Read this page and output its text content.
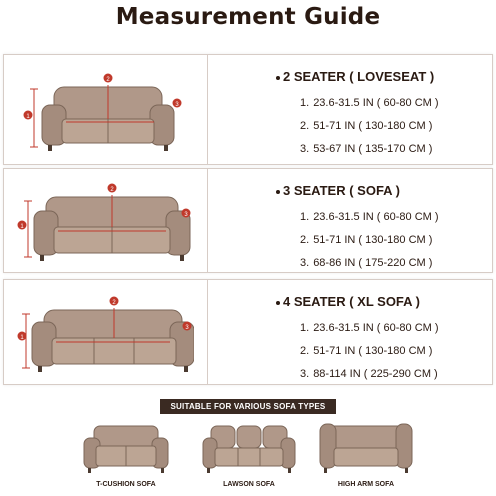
Measurement Guide
1
2
3
2 SEATER ( LOVESEAT )
1. 23.6-31.5 IN ( 60-80 CM )
2. 51-71 IN ( 130-180 CM )
3. 53-67 IN ( 135-170 CM )
1
2
3
3 SEATER ( SOFA )
1. 23.6-31.5 IN ( 60-80 CM )
2. 51-71 IN ( 130-180 CM )
3. 68-86 IN ( 175-220 CM )
1
2
3
4 SEATER ( XL SOFA )
1. 23.6-31.5 IN ( 60-80 CM )
2. 51-71 IN ( 130-180 CM )
3. 88-114 IN ( 225-290 CM )
SUITABLE FOR VARIOUS SOFA TYPES
T-CUSHION SOFA	LAWSON SOFA	HIGH ARM SOFA
